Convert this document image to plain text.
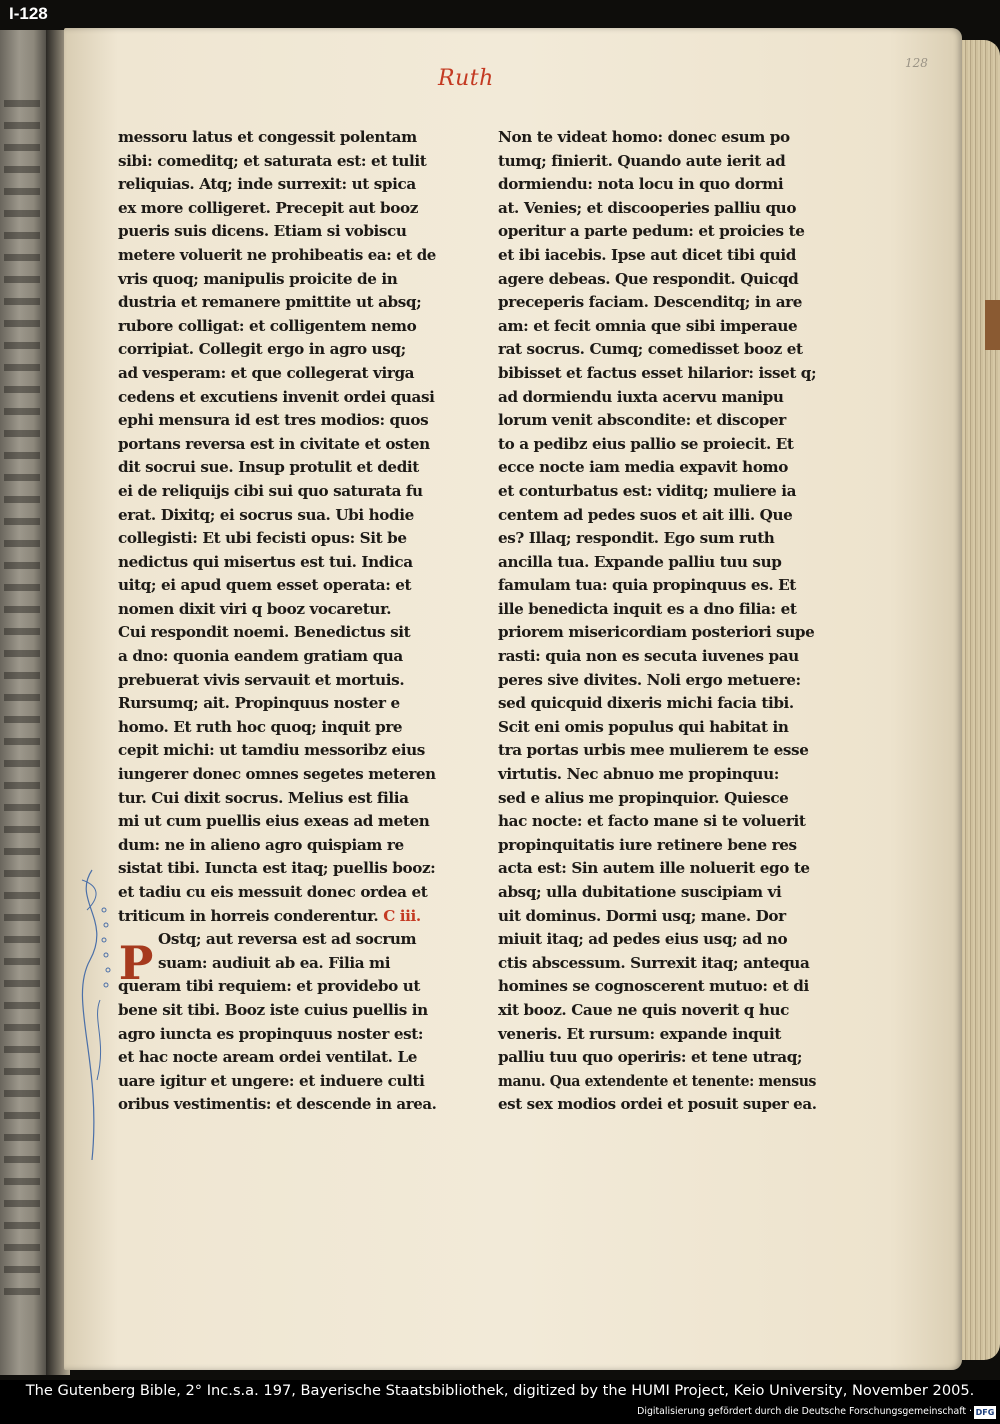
128
Ruth
messoru latus et congessit polentam
sibi: comeditq; et saturata est: et tulit
reliquias. Atq; inde surrexit: ut spica
ex more colligeret. Precepit aut booz
pueris suis dicens. Etiam si vobiscu
metere voluerit ne prohibeatis ea: et de
vris quoq; manipulis proicite de in
dustria et remanere pmittite ut absq;
rubore colligat: et colligentem nemo
corripiat. Collegit ergo in agro usq;
ad vesperam: et que collegerat virga
cedens et excutiens invenit ordei quasi
ephi mensura id est tres modios: quos
portans reversa est in civitate et osten
dit socrui sue. Insup protulit et dedit
ei de reliquijs cibi sui quo saturata fu
erat. Dixitq; ei socrus sua. Ubi hodie
collegisti: Et ubi fecisti opus: Sit be
nedictus qui misertus est tui. Indica
uitq; ei apud quem esset operata: et
nomen dixit viri q booz vocaretur.
Cui respondit noemi. Benedictus sit
a dno: quonia eandem gratiam qua
prebuerat vivis servauit et mortuis.
Rursumq; ait. Propinquus noster e
homo. Et ruth hoc quoq; inquit pre
cepit michi: ut tamdiu messoribz eius
iungerer donec omnes segetes meteren
tur. Cui dixit socrus. Melius est filia
mi ut cum puellis eius exeas ad meten
dum: ne in alieno agro quispiam re
sistat tibi. Iuncta est itaq; puellis booz:
et tadiu cu eis messuit donec ordea et
triticum in horreis conderentur. C iii.
Ostq; aut reversa est ad socrum
suam: audiuit ab ea. Filia mi
queram tibi requiem: et providebo ut
bene sit tibi. Booz iste cuius puellis in
agro iuncta es propinquus noster est:
et hac nocte aream ordei ventilat. Le
uare igitur et ungere: et induere culti
oribus vestimentis: et descende in area.
Non te videat homo: donec esum po
tumq; finierit. Quando aute ierit ad
dormiendu: nota locu in quo dormi
at. Venies; et discooperies palliu quo
operitur a parte pedum: et proicies te
et ibi iacebis. Ipse aut dicet tibi quid
agere debeas. Que respondit. Quicqd
preceperis faciam. Descenditq; in are
am: et fecit omnia que sibi imperaue
rat socrus. Cumq; comedisset booz et
bibisset et factus esset hilarior: isset q;
ad dormiendu iuxta acervu manipu
lorum venit abscondite: et discoper
to a pedibz eius pallio se proiecit. Et
ecce nocte iam media expavit homo
et conturbatus est: viditq; muliere ia
centem ad pedes suos et ait illi. Que
es? Illaq; respondit. Ego sum ruth
ancilla tua. Expande palliu tuu sup
famulam tua: quia propinquus es. Et
ille benedicta inquit es a dno filia: et
priorem misericordiam posteriori supe
rasti: quia non es secuta iuvenes pau
peres sive divites. Noli ergo metuere:
sed quicquid dixeris michi facia tibi.
Scit eni omis populus qui habitat in
tra portas urbis mee mulierem te esse
virtutis. Nec abnuo me propinquu:
sed e alius me propinquior. Quiesce
hac nocte: et facto mane si te voluerit
propinquitatis iure retinere bene res
acta est: Sin autem ille noluerit ego te
absq; ulla dubitatione suscipiam vi
uit dominus. Dormi usq; mane. Dor
miuit itaq; ad pedes eius usq; ad no
ctis abscessum. Surrexit itaq; antequa
homines se cognoscerent mutuo: et di
xit booz. Caue ne quis noverit q huc
veneris. Et rursum: expande inquit
palliu tuu quo operiris: et tene utraq;
manu. Qua extendente et tenente: mensus
est sex modios ordei et posuit super ea.
P
I-128
The Gutenberg Bible, 2° Inc.s.a. 197, Bayerische Staatsbibliothek, digitized by the HUMI Project, Keio University, November 2005.
Digitalisierung gefördert durch die Deutsche Forschungsgemeinschaft · DFG
